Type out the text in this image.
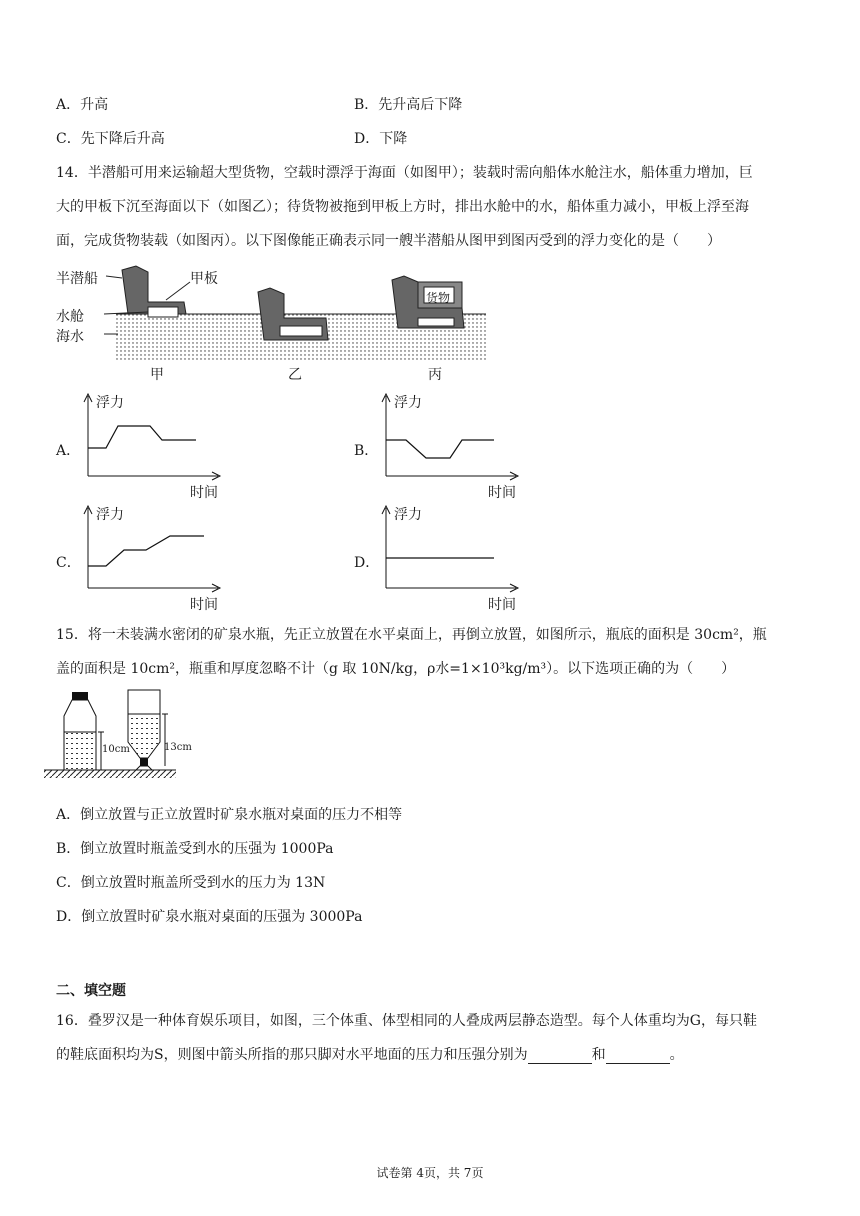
A．升高	B．先升高后下降
C．先下降后升高	D．下降
14．半潜船可用来运输超大型货物，空载时漂浮于海面（如图甲）；装载时需向船体水舱注水，船体重力增加，巨
大的甲板下沉至海面以下（如图乙）；待货物被拖到甲板上方时，排出水舱中的水，船体重力减小，甲板上浮至海
面，完成货物装载（如图丙）。以下图像能正确表示同一艘半潜船从图甲到图丙受到的浮力变化的是（　　）
半潜船	甲板
水舱
海水
货物
甲	乙	丙
A．
浮力
时间
B．
浮力
时间
C．
浮力
时间
D．
浮力
时间
15．将一未装满水密闭的矿泉水瓶，先正立放置在水平桌面上，再倒立放置，如图所示，瓶底的面积是 30cm²，瓶
盖的面积是 10cm²，瓶重和厚度忽略不计（g 取 10N/kg，ρ水=1×10³kg/m³）。以下选项正确的为（　　）
10cm	13cm
A．倒立放置与正立放置时矿泉水瓶对桌面的压力不相等
B．倒立放置时瓶盖受到水的压强为 1000Pa
C．倒立放置时瓶盖所受到水的压力为 13N
D．倒立放置时矿泉水瓶对桌面的压强为 3000Pa
二、填空题
16．叠罗汉是一种体育娱乐项目，如图，三个体重、体型相同的人叠成两层静态造型。每个人体重均为G，每只鞋
的鞋底面积均为S，则图中箭头所指的那只脚对水平地面的压力和压强分别为	和	。
试卷第 4页，共 7页
